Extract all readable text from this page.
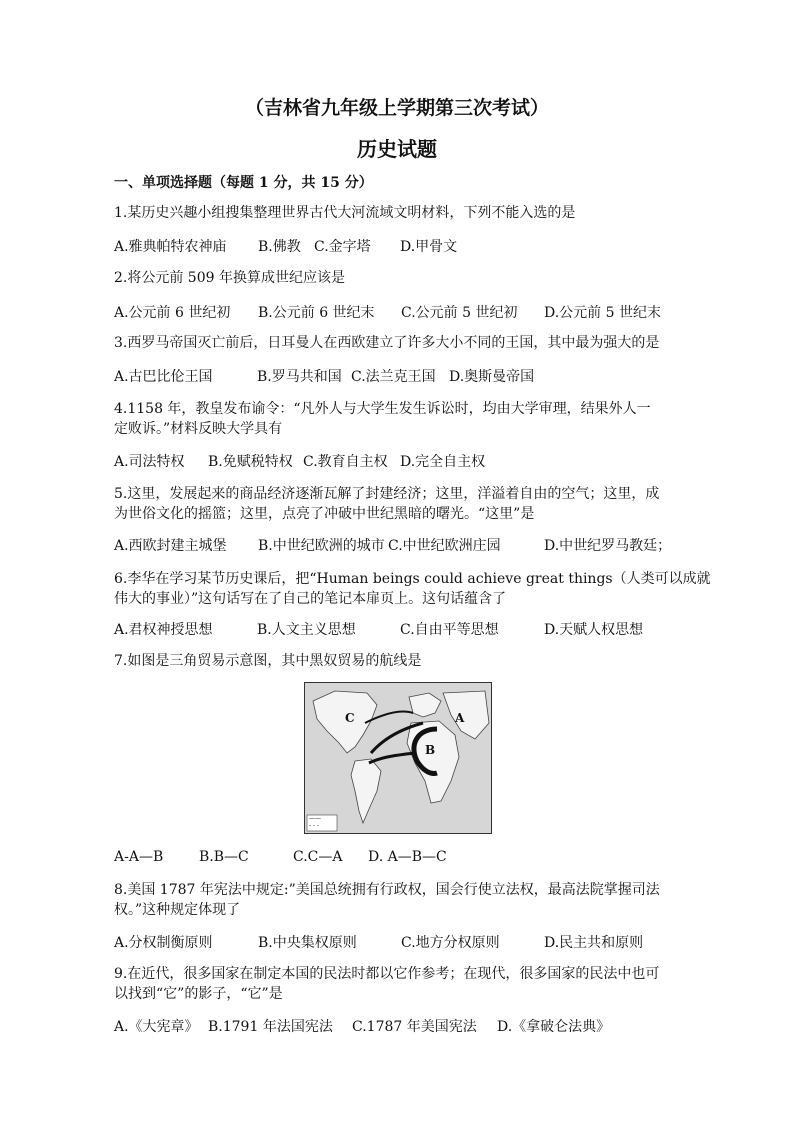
（吉林省九年级上学期第三次考试）
历史试题
一、单项选择题（每题 1 分，共 15 分）
1.某历史兴趣小组搜集整理世界古代大河流域文明材料，下列不能入选的是
A.雅典帕特农神庙 B.佛教 C.金字塔 D.甲骨文
2.将公元前 509 年换算成世纪应该是
A.公元前 6 世纪初 B.公元前 6 世纪末 C.公元前 5 世纪初 D.公元前 5 世纪末
3.西罗马帝国灭亡前后，日耳曼人在西欧建立了许多大小不同的王国，其中最为强大的是
A.古巴比伦王国	B.罗马共和国 C.法兰克王国 D.奥斯曼帝国
4.1158 年，教皇发布谕令：“凡外人与大学生发生诉讼时，均由大学审理，结果外人一
定败诉。”材料反映大学具有
A.司法特权 B.免赋税特权 C.教育自主权 D.完全自主权
5.这里，发展起来的商品经济逐渐瓦解了封建经济；这里，洋溢着自由的空气；这里，成
为世俗文化的摇篮；这里，点亮了冲破中世纪黑暗的曙光。“这里”是
A.西欧封建主城堡 B.中世纪欧洲的城市 C.中世纪欧洲庄园	D.中世纪罗马教廷；
6.李华在学习某节历史课后，把“Human beings could achieve great things（人类可以成就
伟大的事业）”这句话写在了自己的笔记本扉页上。这句话蕴含了
A.君权神授思想	B.人文主义思想	C.自由平等思想	D.天赋人权思想
7.如图是三角贸易示意图，其中黑奴贸易的航线是
C	A
B
——
- - -
A-A—B	B.B—C	C.C—A D. A—B—C
8.美国 1787 年宪法中规定:”美国总统拥有行政权，国会行使立法权，最高法院掌握司法
权。”这种规定体现了
A.分权制衡原则	B.中央集权原则	C.地方分权原则	D.民主共和原则
9.在近代，很多国家在制定本国的民法时都以它作参考；在现代，很多国家的民法中也可
以找到“它”的影子，“它”是
A.《大宪章》 B.1791 年法国宪法 C.1787 年美国宪法 D.《拿破仑法典》
